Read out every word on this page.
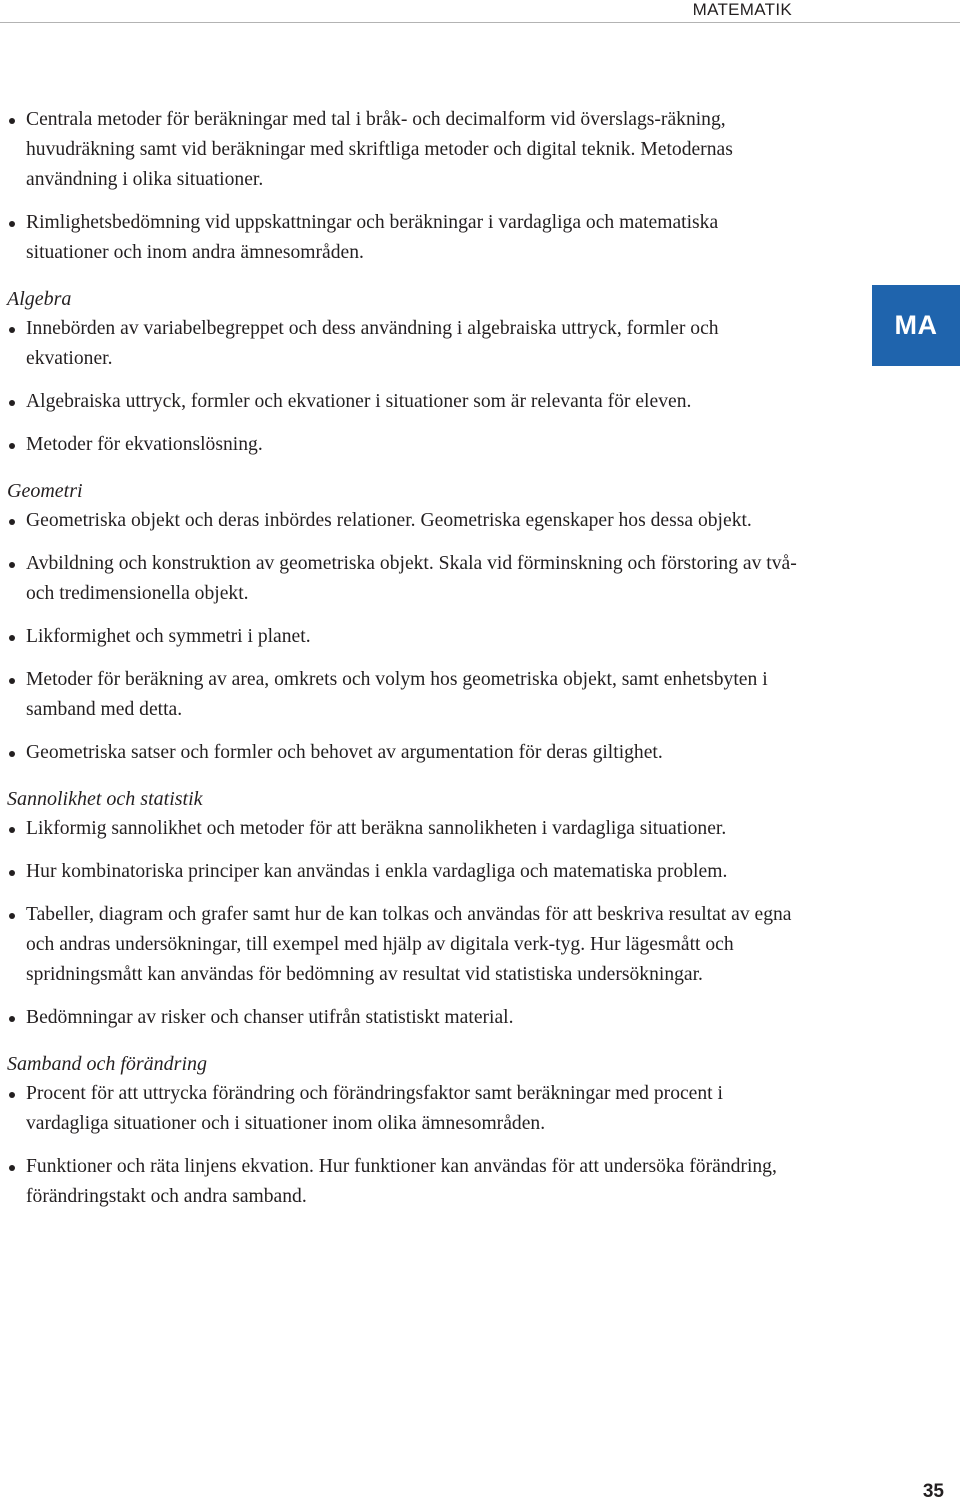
MATEMATIK
MA
Centrala metoder för beräkningar med tal i bråk- och decimalform vid överslags-räkning, huvudräkning samt vid beräkningar med skriftliga metoder och digital teknik. Metodernas användning i olika situationer.
Rimlighetsbedömning vid uppskattningar och beräkningar i vardagliga och matematiska situationer och inom andra ämnesområden.
Algebra
Innebörden av variabelbegreppet och dess användning i algebraiska uttryck, formler och ekvationer.
Algebraiska uttryck, formler och ekvationer i situationer som är relevanta för eleven.
Metoder för ekvationslösning.
Geometri
Geometriska objekt och deras inbördes relationer. Geometriska egenskaper hos dessa objekt.
Avbildning och konstruktion av geometriska objekt. Skala vid förminskning och förstoring av två- och tredimensionella objekt.
Likformighet och symmetri i planet.
Metoder för beräkning av area, omkrets och volym hos geometriska objekt, samt enhetsbyten i samband med detta.
Geometriska satser och formler och behovet av argumentation för deras giltighet.
Sannolikhet och statistik
Likformig sannolikhet och metoder för att beräkna sannolikheten i vardagliga situationer.
Hur kombinatoriska principer kan användas i enkla vardagliga och matematiska problem.
Tabeller, diagram och grafer samt hur de kan tolkas och användas för att beskriva resultat av egna och andras undersökningar, till exempel med hjälp av digitala verk-tyg. Hur lägesmått och spridningsmått kan användas för bedömning av resultat vid statistiska undersökningar.
Bedömningar av risker och chanser utifrån statistiskt material.
Samband och förändring
Procent för att uttrycka förändring och förändringsfaktor samt beräkningar med procent i vardagliga situationer och i situationer inom olika ämnesområden.
Funktioner och räta linjens ekvation. Hur funktioner kan användas för att undersöka förändring, förändringstakt och andra samband.
35
